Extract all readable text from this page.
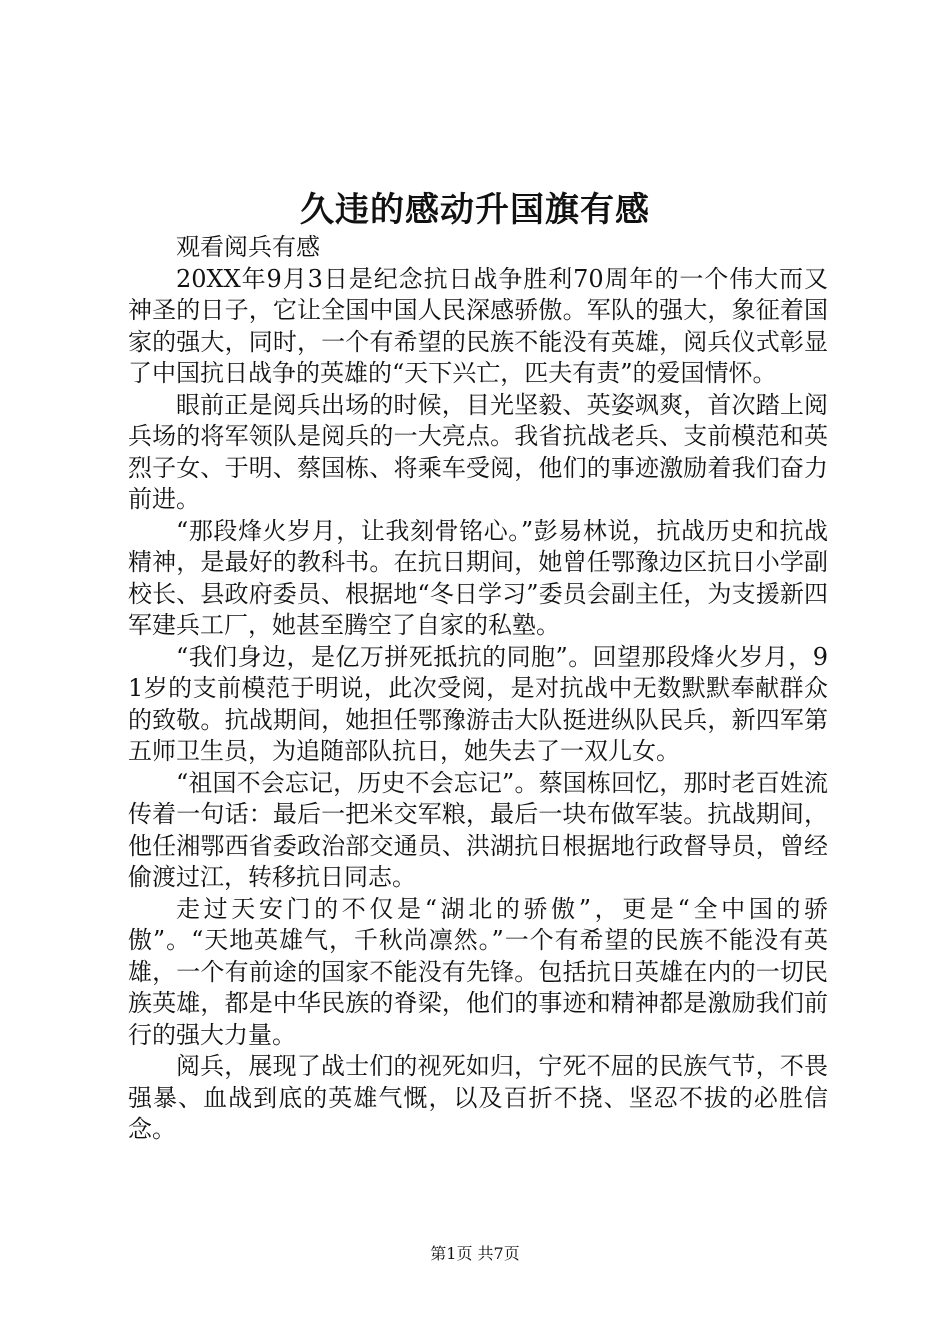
久违的感动升国旗有感

观看阅兵有感

20XX年9月3日是纪念抗日战争胜利70周年的一个伟大而又神圣的日子，它让全国中国人民深感骄傲。军队的强大，象征着国家的强大，同时，一个有希望的民族不能没有英雄，阅兵仪式彰显了中国抗日战争的英雄的“天下兴亡，匹夫有责”的爱国情怀。

眼前正是阅兵出场的时候，目光坚毅、英姿飒爽，首次踏上阅兵场的将军领队是阅兵的一大亮点。我省抗战老兵、支前模范和英烈子女、于明、蔡国栋、将乘车受阅，他们的事迹激励着我们奋力前进。

“那段烽火岁月，让我刻骨铭心。”彭易林说，抗战历史和抗战精神，是最好的教科书。在抗日期间，她曾任鄂豫边区抗日小学副校长、县政府委员、根据地“冬日学习”委员会副主任，为支援新四军建兵工厂，她甚至腾空了自家的私塾。

“我们身边，是亿万拼死抵抗的同胞”。回望那段烽火岁月，91岁的支前模范于明说，此次受阅，是对抗战中无数默默奉献群众的致敬。抗战期间，她担任鄂豫游击大队挺进纵队民兵，新四军第五师卫生员，为追随部队抗日，她失去了一双儿女。

“祖国不会忘记，历史不会忘记”。蔡国栋回忆，那时老百姓流传着一句话：最后一把米交军粮，最后一块布做军装。抗战期间，他任湘鄂西省委政治部交通员、洪湖抗日根据地行政督导员，曾经偷渡过江，转移抗日同志。

走过天安门的不仅是“湖北的骄傲”，更是“全中国的骄傲”。“天地英雄气，千秋尚凛然。”一个有希望的民族不能没有英雄，一个有前途的国家不能没有先锋。包括抗日英雄在内的一切民族英雄，都是中华民族的脊梁，他们的事迹和精神都是激励我们前行的强大力量。

阅兵，展现了战士们的视死如归，宁死不屈的民族气节，不畏强暴、血战到底的英雄气慨，以及百折不挠、坚忍不拔的必胜信念。

第1页 共7页
